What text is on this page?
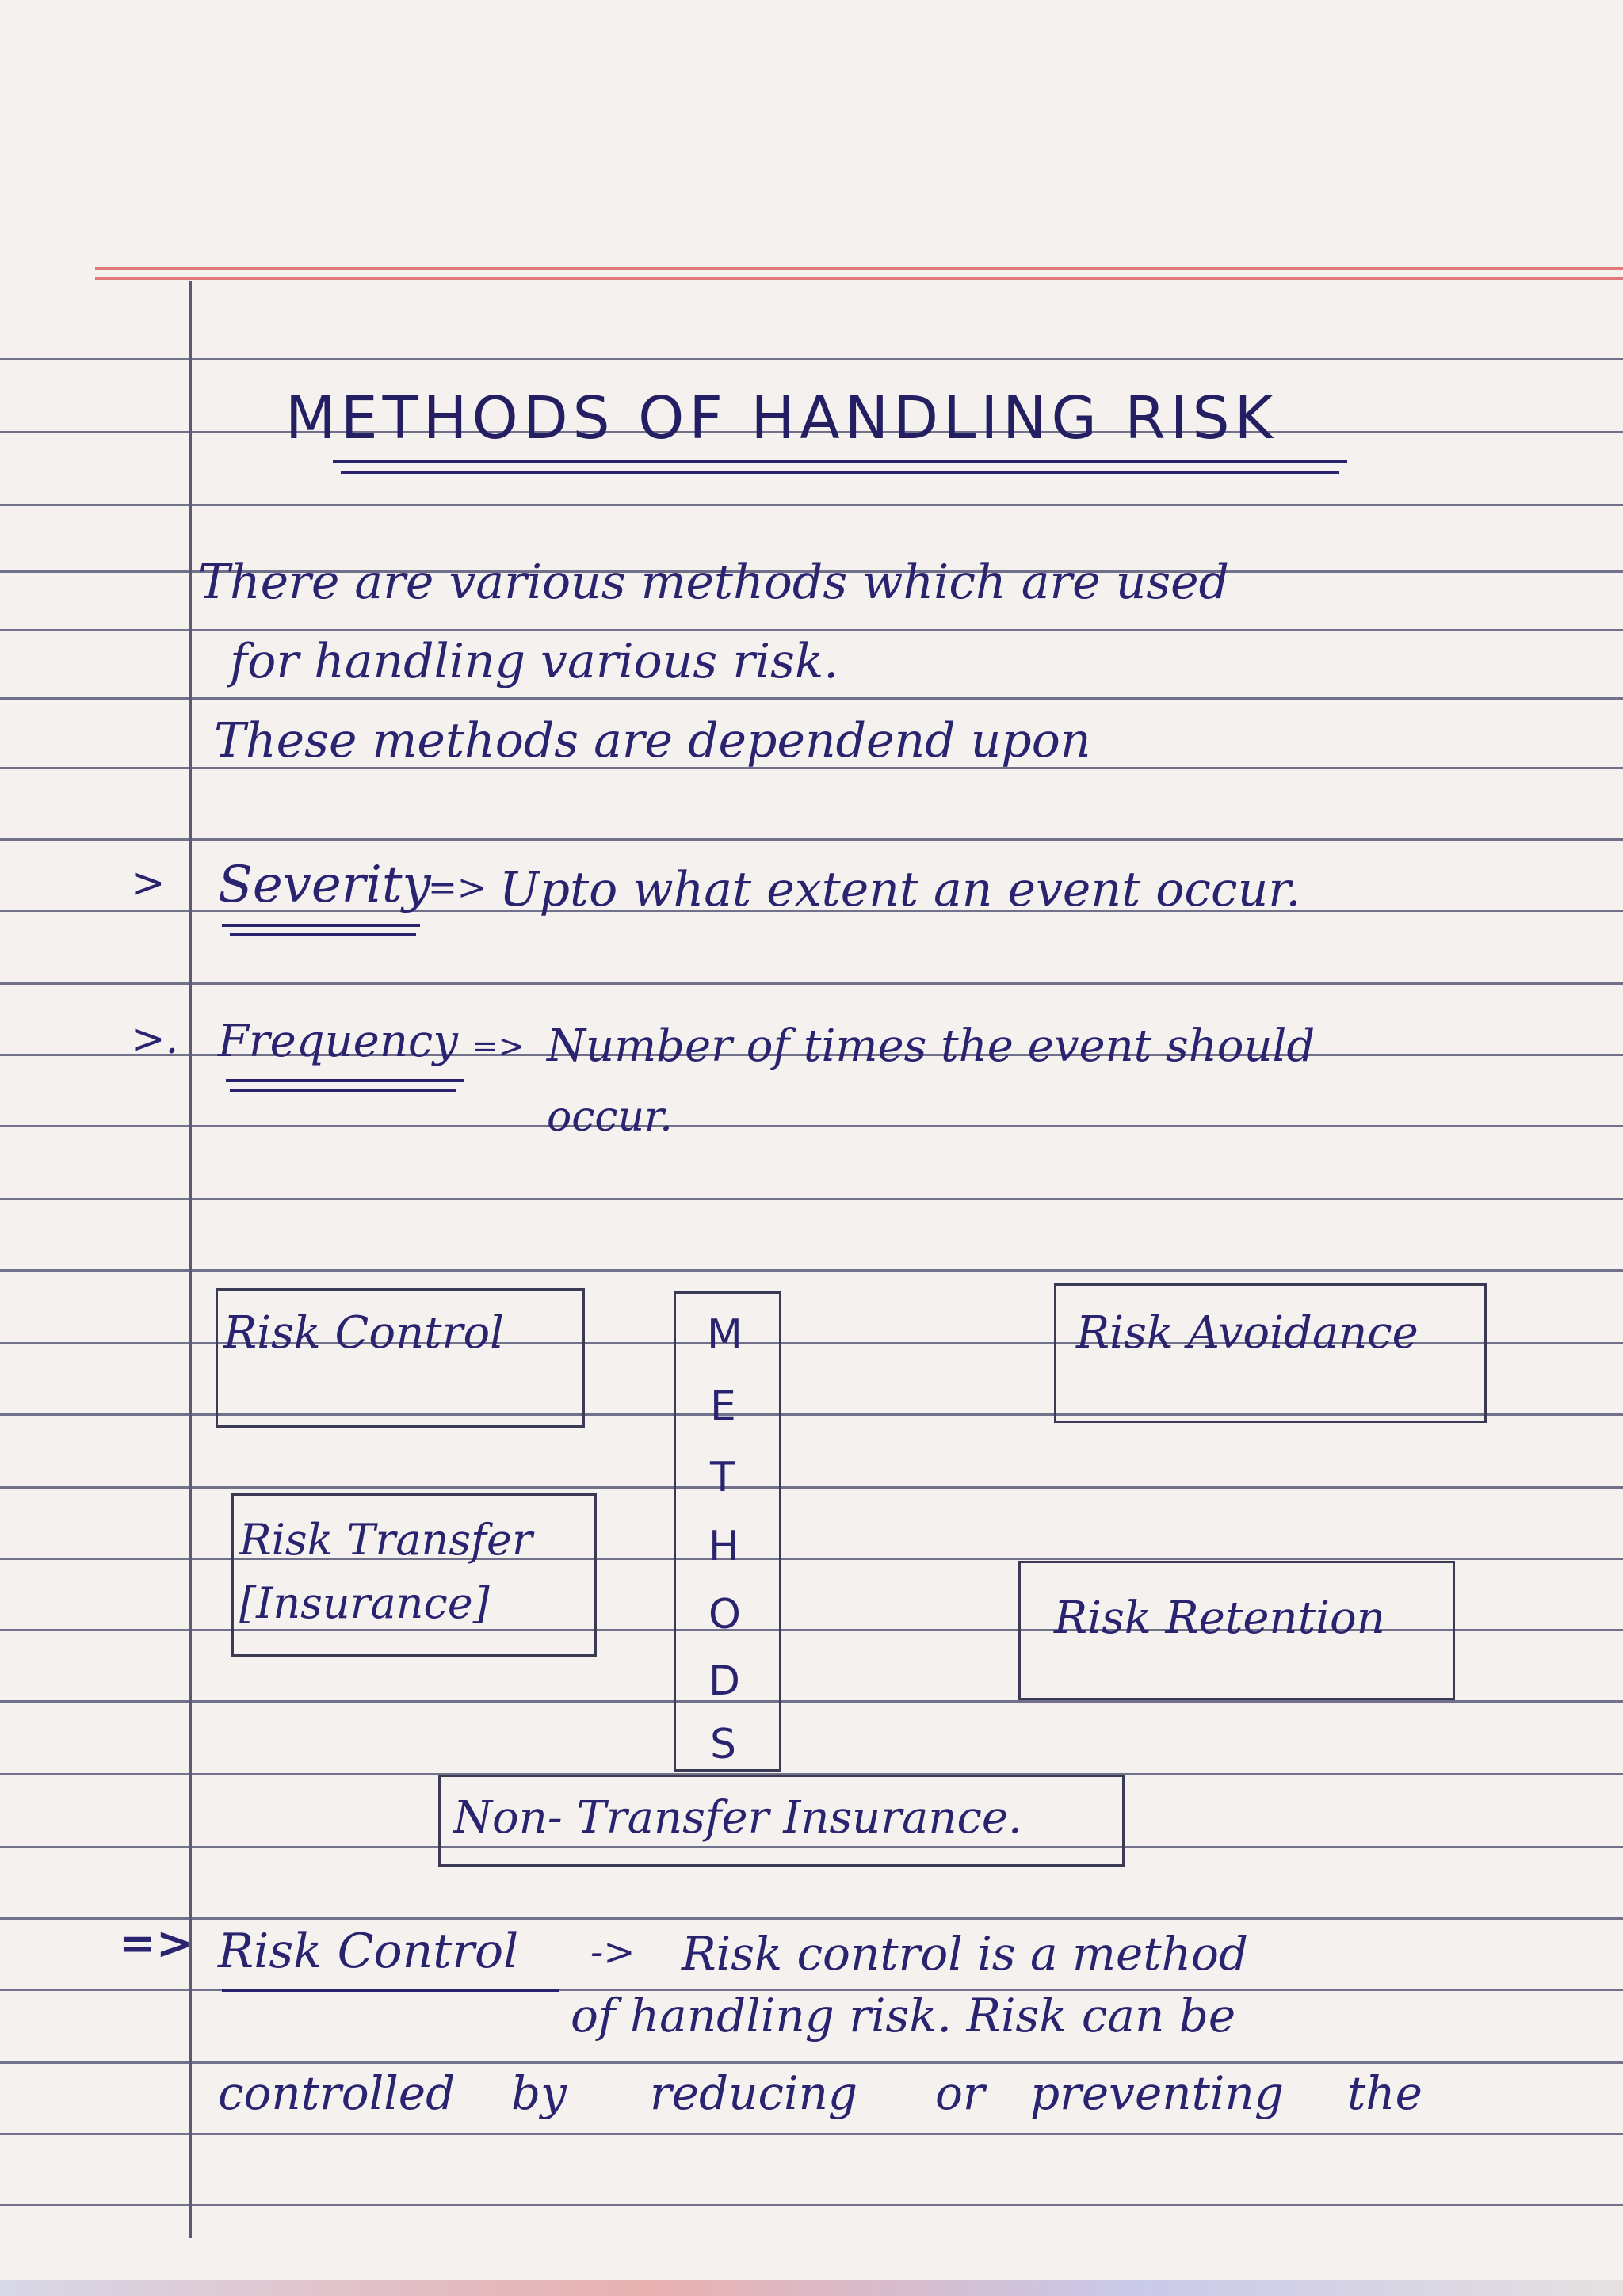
METHODS OF HANDLING RISK
There are various methods which are used
for handling various risk.
These methods are dependend upon
> Severity
=> Upto what extent an event occur.
>. Frequency => Number of times the event should
occur.
M
E
T
H
O
D
S
Risk Control	Risk Avoidance
Risk Transfer
[Insurance]	Risk Retention
Non- Transfer Insurance.
=> Risk Control -> Risk control is a method
of handling risk. Risk can be
controlled by reducing or preventing the
